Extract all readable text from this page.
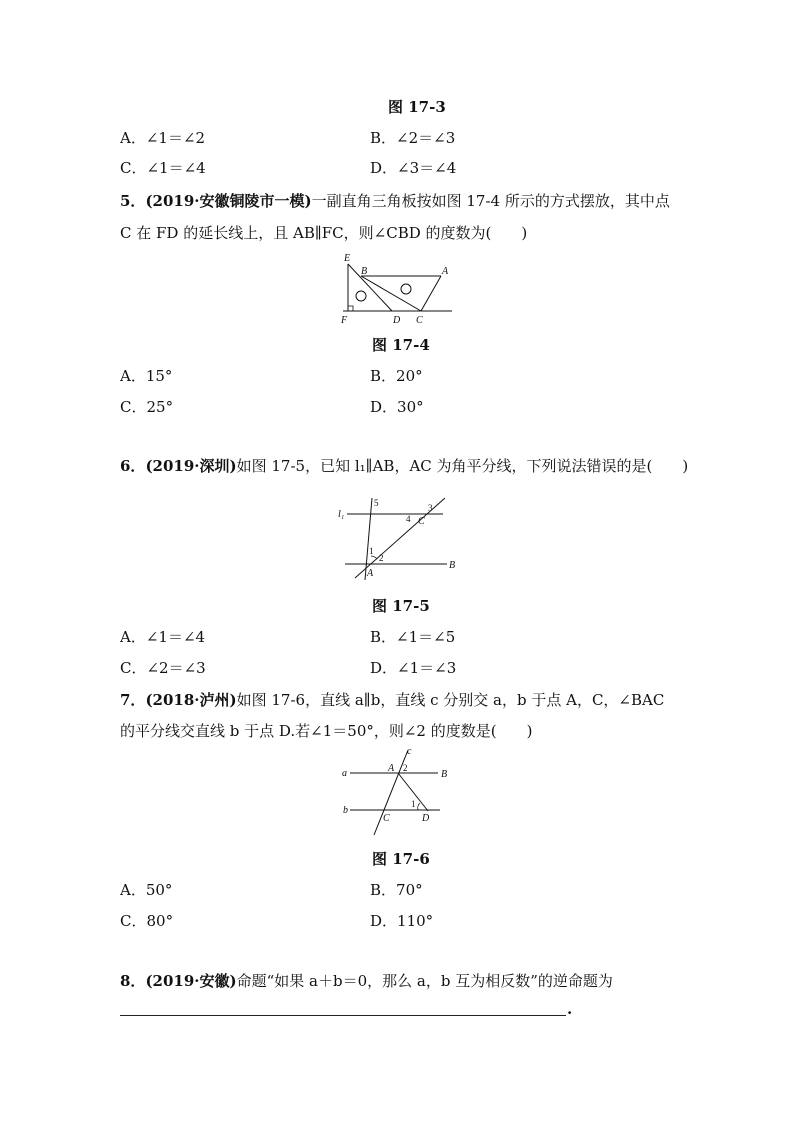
图 17-3
A．∠1＝∠2	B．∠2＝∠3
C．∠1＝∠4	D．∠3＝∠4
5．(2019·安徽铜陵市一模)一副直角三角板按如图 17-4 所示的方式摆放，其中点
C 在 FD 的延长线上，且 AB∥FC，则∠CBD 的度数为(　　)
E
B	A
F	D C
图 17-4
A．15°	B．20°
C．25°	D．30°
6．(2019·深圳)如图 17-5，已知 l₁∥AB，AC 为角平分线，下列说法错误的是(　　)
l₁
5
4
3
C
1
2
A
B
图 17-5
A．∠1＝∠4	B．∠1＝∠5
C．∠2＝∠3	D．∠1＝∠3
7．(2018·泸州)如图 17-6，直线 a∥b，直线 c 分别交 a，b 于点 A，C，∠BAC
的平分线交直线 b 于点 D.若∠1＝50°，则∠2 的度数是(　　)
c
a	A 2
B
b
1
C	D
图 17-6
A．50°	B．70°
C．80°	D．110°
8．(2019·安徽)命题“如果 a＋b＝0，那么 a，b 互为相反数”的逆命题为
.
